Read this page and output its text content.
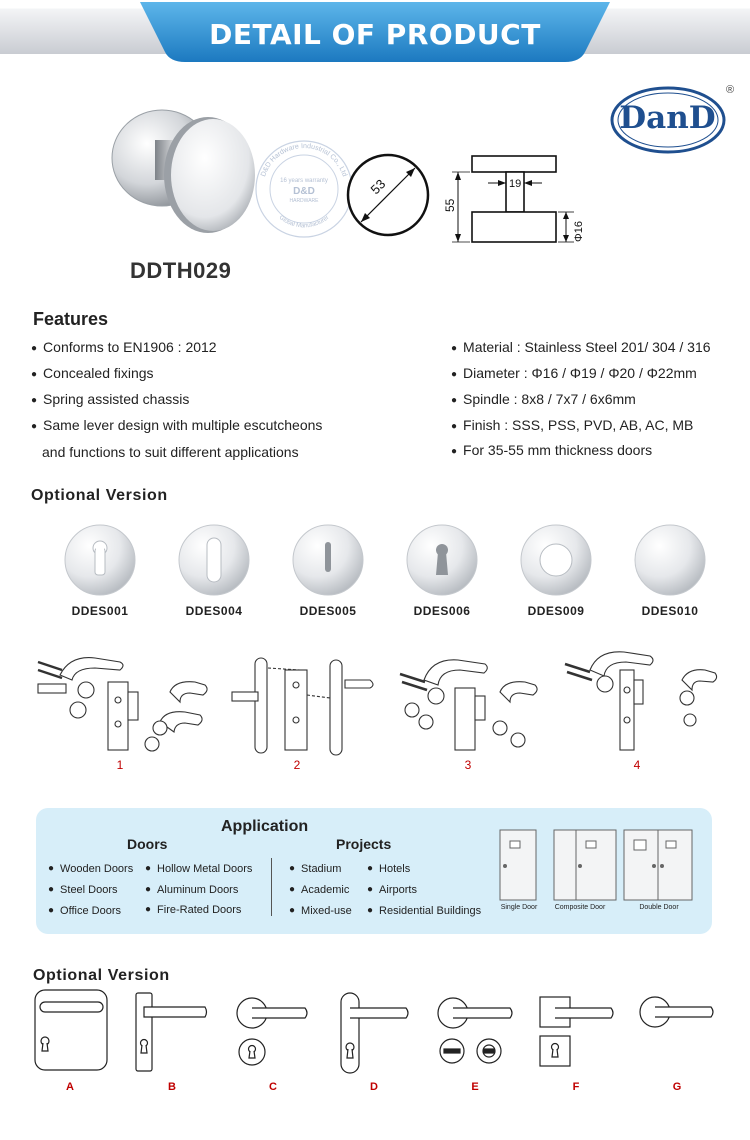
DETAIL OF PRODUCT
16 years warranty
D&D
HARDWARE
D&D Hardware Industrial Co., Ltd
Global Manufacturer
53
55
19
Φ16
DanD
®
DDTH029
Features
● Conforms to EN1906 : 2012
● Concealed fixings
● Spring assisted chassis
● Same lever design with multiple escutcheons
and functions to suit different applications
● Material : Stainless Steel 201/ 304 / 316
● Diameter : Φ16 / Φ19 / Φ20 / Φ22mm
● Spindle : 8x8 / 7x7 / 6x6mm
● Finish : SSS, PSS, PVD, AB, AC, MB
● For 35-55 mm thickness doors
Optional Version
DDES001	DDES004	DDES005	DDES006	DDES009	DDES010
1	2	3	4
Application
Doors	Projects
● Wooden Doors
● Steel Doors
● Office Doors
● Hollow Metal Doors
● Aluminum Doors
● Fire-Rated Doors
● Stadium
● Academic
● Mixed-use
● Hotels
● Airports
● Residential Buildings	Single Door	Composite Door	Double Door
Optional Version
A	B	C	D	E	F	G
